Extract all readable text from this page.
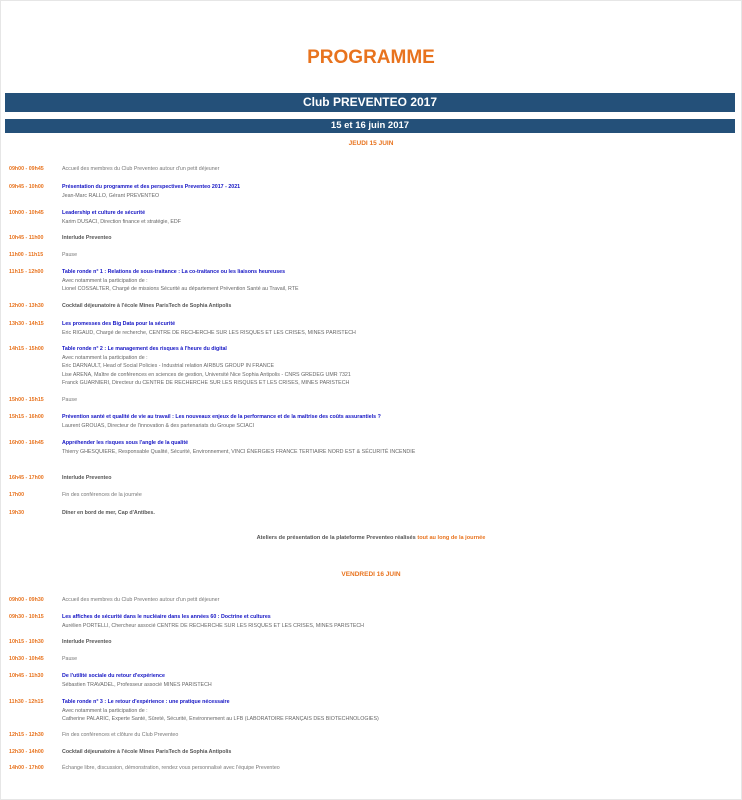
PROGRAMME
Club PREVENTEO 2017
15 et 16 juin 2017
JEUDI 15 JUIN
09h00 - 09h45	Accueil des membres du Club Preventeo autour d'un petit déjeuner
09h45 - 10h00	Présentation du programme et des perspectives Preventeo 2017 - 2021
Jean-Marc RALLO, Gérant PREVENTEO
10h00 - 10h45	Leadership et culture de sécurité
Karim DUSACI, Direction finance et stratégie, EDF
10h45 - 11h00	Interlude Preventeo
11h00 - 11h15	Pause
11h15 - 12h00	Table ronde n° 1 : Relations de sous-traitance : La co-traitance ou les liaisons heureuses
Avec notamment la participation de :
Lionel COSSALTER, Chargé de missions Sécurité au département Prévention Santé au Travail, RTE
12h00 - 13h30	Cocktail déjeunatoire à l'école Mines ParisTech de Sophia Antipolis
13h30 - 14h15	Les promesses des Big Data pour la sécurité
Eric RIGAUD, Chargé de recherche, CENTRE DE RECHERCHE SUR LES RISQUES ET LES CRISES, MINES PARISTECH
14h15 - 15h00	Table ronde n° 2 : Le management des risques à l'heure du digital
Avec notamment la participation de :
Eric DARNAULT, Head of Social Policies - Industrial relation AIRBUS GROUP IN FRANCE
Lise ARENA, Maître de conférences en sciences de gestion, Université Nice Sophia Antipolis - CNRS GREDEG UMR 7321
Franck GUARNIERI, Directeur du CENTRE DE RECHERCHE SUR LES RISQUES ET LES CRISES, MINES PARISTECH
15h00 - 15h15	Pause
15h15 - 16h00	Prévention santé et qualité de vie au travail : Les nouveaux enjeux de la performance et de la maîtrise des coûts assurantiels ?
Laurent GROUAS, Directeur de l'innovation & des partenariats du Groupe SCIACI
16h00 - 16h45	Appréhender les risques sous l'angle de la qualité
Thierry GHESQUIERE, Responsable Qualité, Sécurité, Environnement, VINCI ÉNERGIES FRANCE TERTIAIRE NORD EST & SÉCURITÉ INCENDIE
16h45 - 17h00	Interlude Preventeo
17h00	Fin des conférences de la journée
19h30	Dîner en bord de mer, Cap d'Antibes.
Ateliers de présentation de la plateforme Preventeo réalisés tout au long de la journée
VENDREDI 16 JUIN
09h00 - 09h30	Accueil des membres du Club Preventeo autour d'un petit déjeuner
09h30 - 10h15	Les affiches de sécurité dans le nucléaire dans les années 60 : Doctrine et cultures
Aurélien PORTELLI, Chercheur associé CENTRE DE RECHERCHE SUR LES RISQUES ET LES CRISES, MINES PARISTECH
10h15 - 10h30	Interlude Preventeo
10h30 - 10h45	Pause
10h45 - 11h30	De l'utilité sociale du retour d'expérience
Sébastien TRAVADEL, Professeur associé MINES PARISTECH
11h30 - 12h15	Table ronde n° 3 : Le retour d'expérience : une pratique nécessaire
Avec notamment la participation de :
Catherine PALARIC, Experte Santé, Sûreté, Sécurité, Environnement au LFB (LABORATOIRE FRANÇAIS DES BIOTECHNOLOGIES)
12h15 - 12h30	Fin des conférences et clôture du Club Preventeo
12h30 - 14h00	Cocktail déjeunatoire à l'école Mines ParisTech de Sophia Antipolis
14h00 - 17h00	Échange libre, discussion, démonstration, rendez vous personnalisé avec l'équipe Preventeo
